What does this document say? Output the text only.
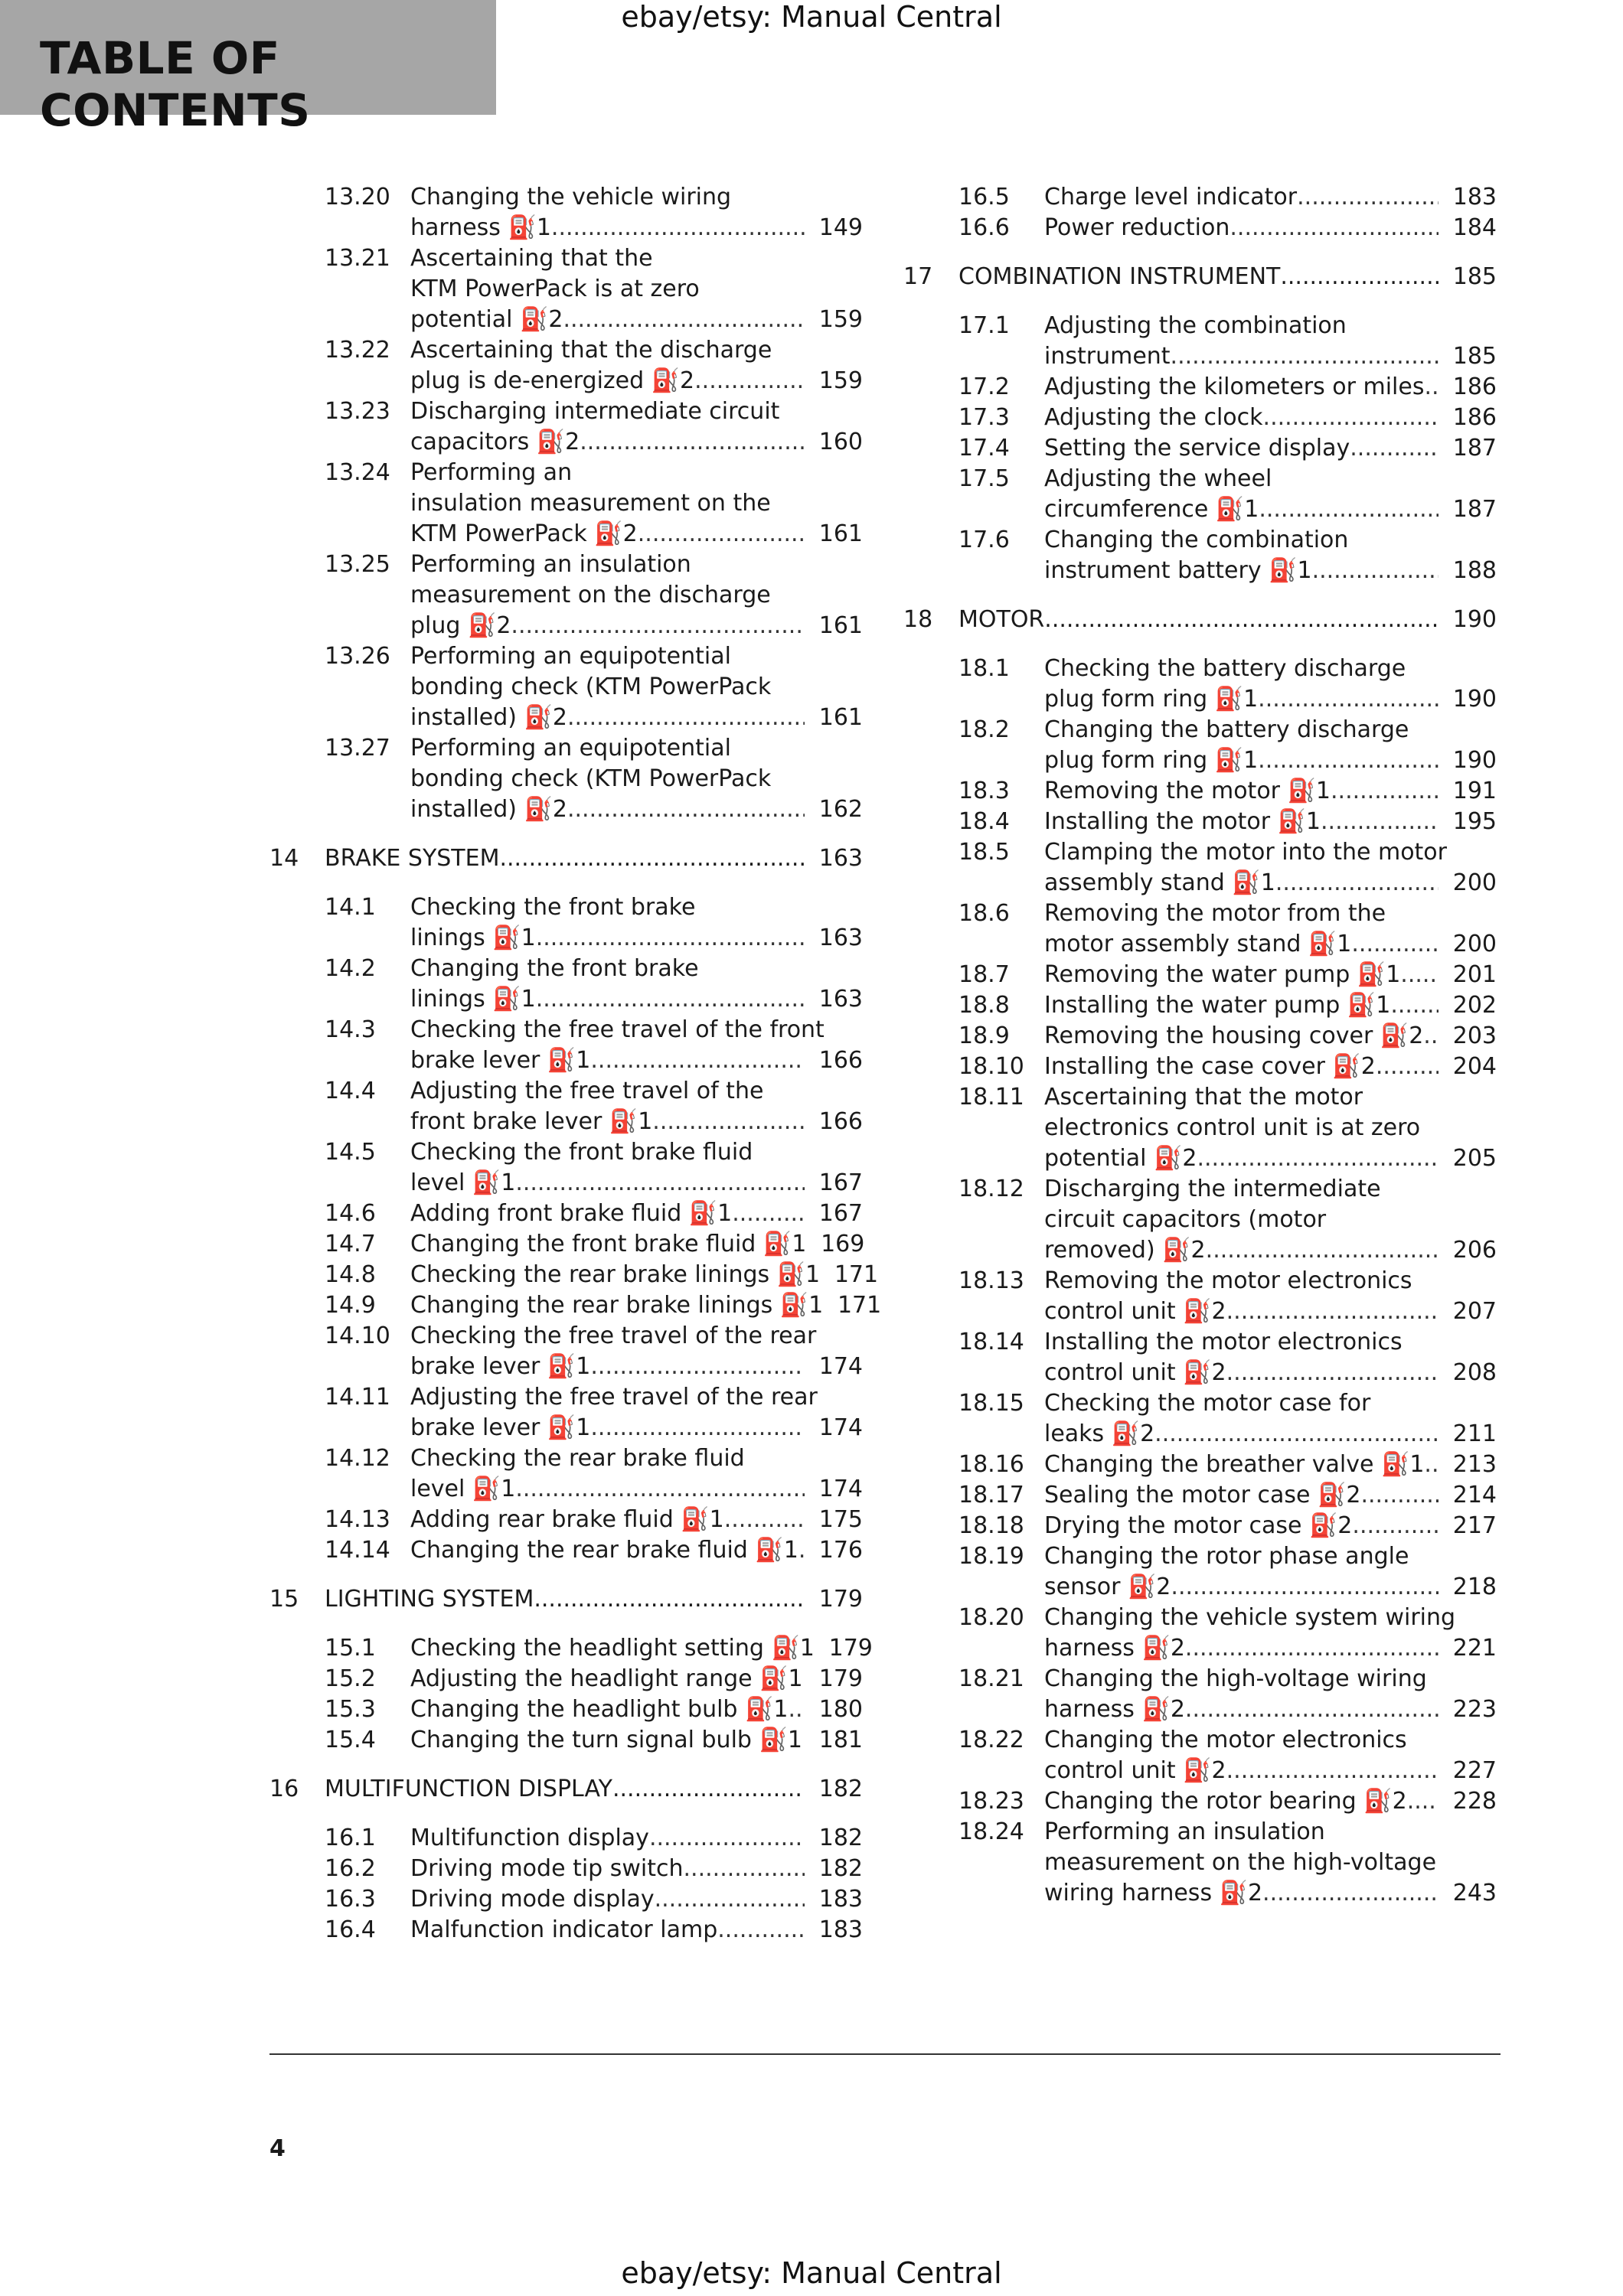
TABLE OF CONTENTS
ebay/etsy: Manual Central
13.20 Changing the vehicle wiring
harness ⛽1 .....	149
13.21 Ascertaining that the
KTM PowerPack is at zero
potential ⛽2 .....	159
13.22 Ascertaining that the discharge
plug is de-energized ⛽2 .....	159
13.23 Discharging intermediate circuit
capacitors ⛽2 .....	160
13.24 Performing an
insulation measurement on the
KTM PowerPack ⛽2 .....	161
13.25 Performing an insulation
measurement on the discharge
plug ⛽2 .....	161
13.26 Performing an equipotential
bonding check (KTM PowerPack
installed) ⛽2 .....	161
13.27 Performing an equipotential
bonding check (KTM PowerPack
installed) ⛽2 .....	162
14	BRAKE SYSTEM .....	163
14.1	Checking the front brake
linings ⛽1 .....	163
14.2	Changing the front brake
linings ⛽1 .....	163
14.3	Checking the free travel of the front
brake lever ⛽1 .....	166
14.4	Adjusting the free travel of the
front brake lever ⛽1 .....	166
14.5	Checking the front brake fluid
level ⛽1 .....	167
14.6	Adding front brake fluid ⛽1 .....	167
14.7	Changing the front brake fluid ⛽1 169
14.8	Checking the rear brake linings ⛽1 171
14.9	Changing the rear brake linings ⛽1 171
14.10 Checking the free travel of the rear
brake lever ⛽1 .....	174
14.11 Adjusting the free travel of the rear
brake lever ⛽1 .....	174
14.12 Checking the rear brake fluid
level ⛽1 .....	174
14.13 Adding rear brake fluid ⛽1 .....	175
14.14 Changing the rear brake fluid ⛽1 ..... 176
15	LIGHTING SYSTEM .....	179
15.1	Checking the headlight setting ⛽1 179
15.2	Adjusting the headlight range ⛽1 ..... 179
15.3	Changing the headlight bulb ⛽1 .....	180
15.4	Changing the turn signal bulb ⛽1 ..... 181
16	MULTIFUNCTION DISPLAY .....	182
16.1	Multifunction display .....	182
16.2	Driving mode tip switch .....	182
16.3	Driving mode display .....	183
16.4	Malfunction indicator lamp .....	183
16.5	Charge level indicator .....	183
16.6	Power reduction .....	184
17	COMBINATION INSTRUMENT .....	185
17.1	Adjusting the combination
instrument .....	185
17.2	Adjusting the kilometers or miles .....	186
17.3	Adjusting the clock .....	186
17.4	Setting the service display .....	187
17.5	Adjusting the wheel
circumference ⛽1 .....	187
17.6	Changing the combination
instrument battery ⛽1 .....	188
18	MOTOR .....	190
18.1	Checking the battery discharge
plug form ring ⛽1 .....	190
18.2	Changing the battery discharge
plug form ring ⛽1 .....	190
18.3	Removing the motor ⛽1 .....	191
18.4	Installing the motor ⛽1 .....	195
18.5	Clamping the motor into the motor
assembly stand ⛽1 .....	200
18.6	Removing the motor from the
motor assembly stand ⛽1 .....	200
18.7	Removing the water pump ⛽1 .....	201
18.8	Installing the water pump ⛽1 .....	202
18.9	Removing the housing cover ⛽2 .....	203
18.10 Installing the case cover ⛽2 .....	204
18.11 Ascertaining that the motor
electronics control unit is at zero
potential ⛽2 .....	205
18.12 Discharging the intermediate
circuit capacitors (motor
removed) ⛽2 .....	206
18.13 Removing the motor electronics
control unit ⛽2 .....	207
18.14 Installing the motor electronics
control unit ⛽2 .....	208
18.15 Checking the motor case for
leaks ⛽2 .....	211
18.16 Changing the breather valve ⛽1 .....	213
18.17 Sealing the motor case ⛽2 .....	214
18.18 Drying the motor case ⛽2 .....	217
18.19 Changing the rotor phase angle
sensor ⛽2 .....	218
18.20 Changing the vehicle system wiring
harness ⛽2 .....	221
18.21 Changing the high-voltage wiring
harness ⛽2 .....	223
18.22 Changing the motor electronics
control unit ⛽2 .....	227
18.23 Changing the rotor bearing ⛽2 .....	228
18.24 Performing an insulation
measurement on the high-voltage
wiring harness ⛽2 .....	243
4
ebay/etsy: Manual Central
